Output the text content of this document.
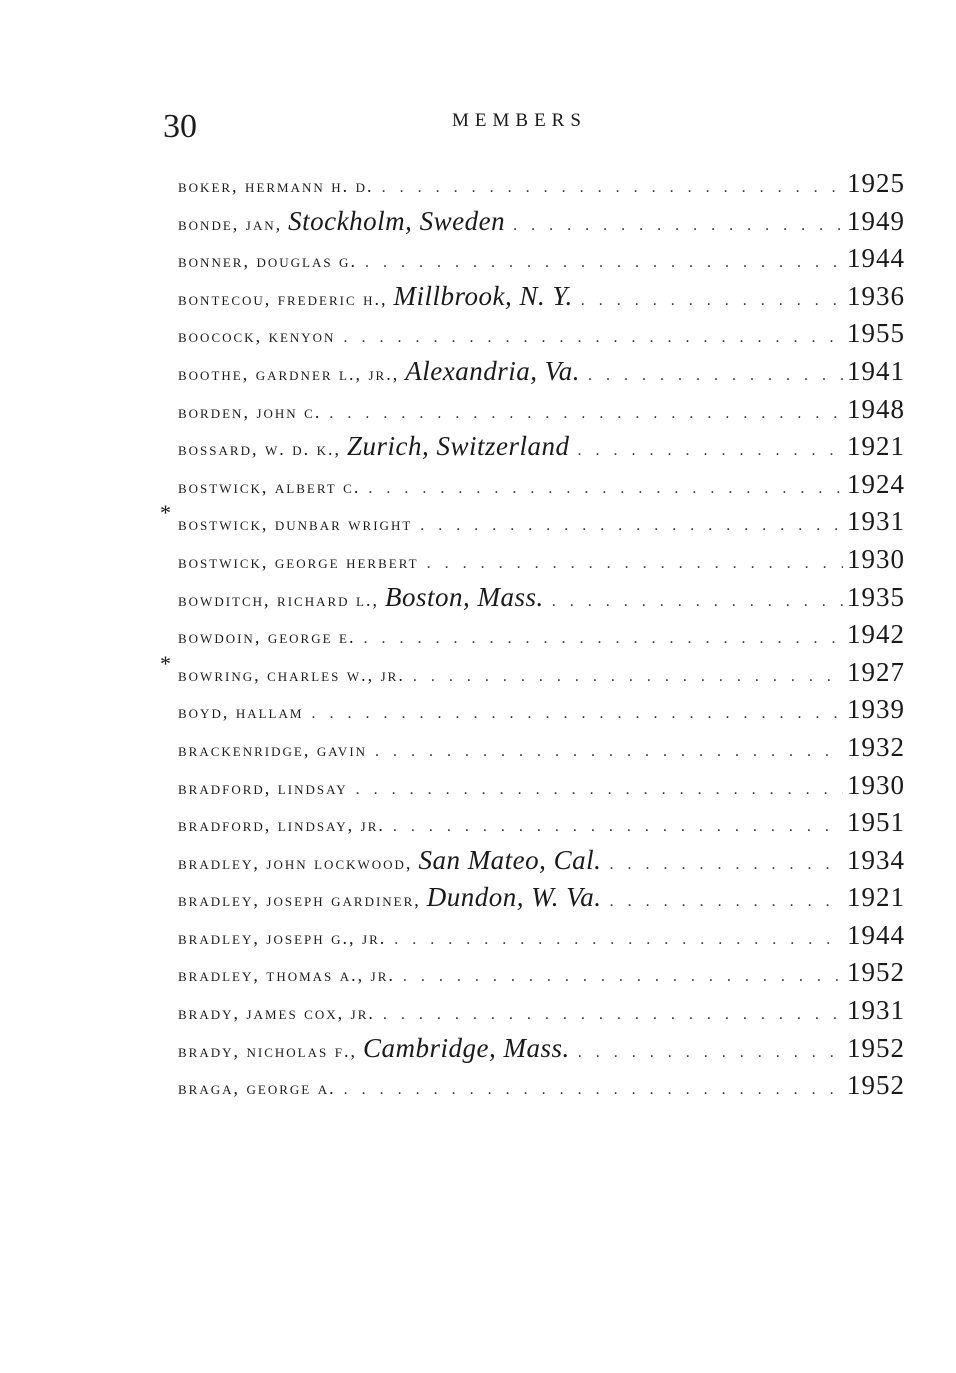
30	MEMBERS
boker, hermann h. d. . . .	1925
bonde, jan, Stockholm, Sweden . . .	1949
bonner, douglas g. . . .	1944
bontecou, frederic h., Millbrook, N. Y. . . .	1936
boocock, kenyon . . .	1955
boothe, gardner l., jr., Alexandria, Va. . . .	1941
borden, john c. . . .	1948
bossard, w. d. k., Zurich, Switzerland . . .	1921
bostwick, albert c. . . .	1924
* bostwick, dunbar wright . . .	1931
bostwick, george herbert . . .	1930
bowditch, richard l., Boston, Mass. . . .	1935
bowdoin, george e. . . .	1942
* bowring, charles w., jr. . . .	1927
boyd, hallam . . .	1939
brackenridge, gavin . . .	1932
bradford, lindsay . . .	1930
bradford, lindsay, jr. . . .	1951
bradley, john lockwood, San Mateo, Cal. . . .	1934
bradley, joseph gardiner, Dundon, W. Va. . . .	1921
bradley, joseph g., jr. . . .	1944
bradley, thomas a., jr. . . .	1952
brady, james cox, jr. . . .	1931
brady, nicholas f., Cambridge, Mass. . . .	1952
braga, george a. . . .	1952
